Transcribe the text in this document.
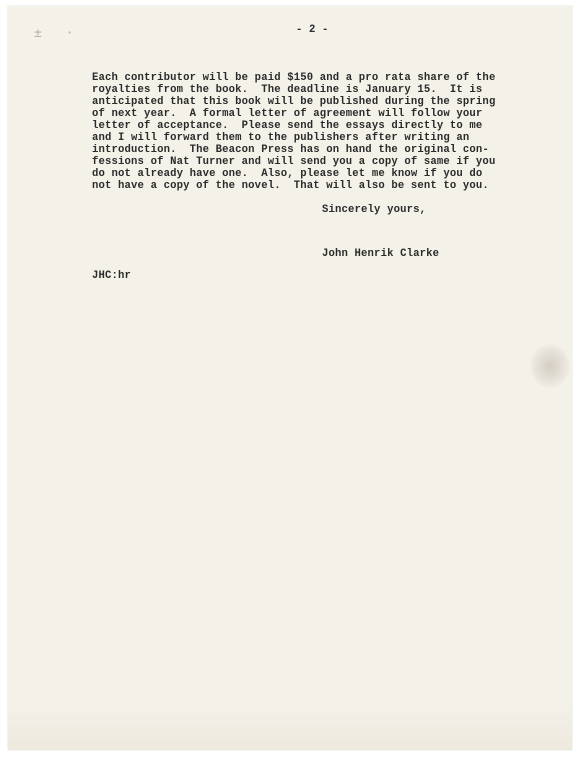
± ·	- 2 -
Each contributor will be paid $150 and a pro rata share of the
royalties from the book.  The deadline is January 15.  It is
anticipated that this book will be published during the spring
of next year.  A formal letter of agreement will follow your
letter of acceptance.  Please send the essays directly to me
and I will forward them to the publishers after writing an
introduction.  The Beacon Press has on hand the original con-
fessions of Nat Turner and will send you a copy of same if you
do not already have one.  Also, please let me know if you do
not have a copy of the novel.  That will also be sent to you.
Sincerely yours,
John Henrik Clarke
JHC:hr
